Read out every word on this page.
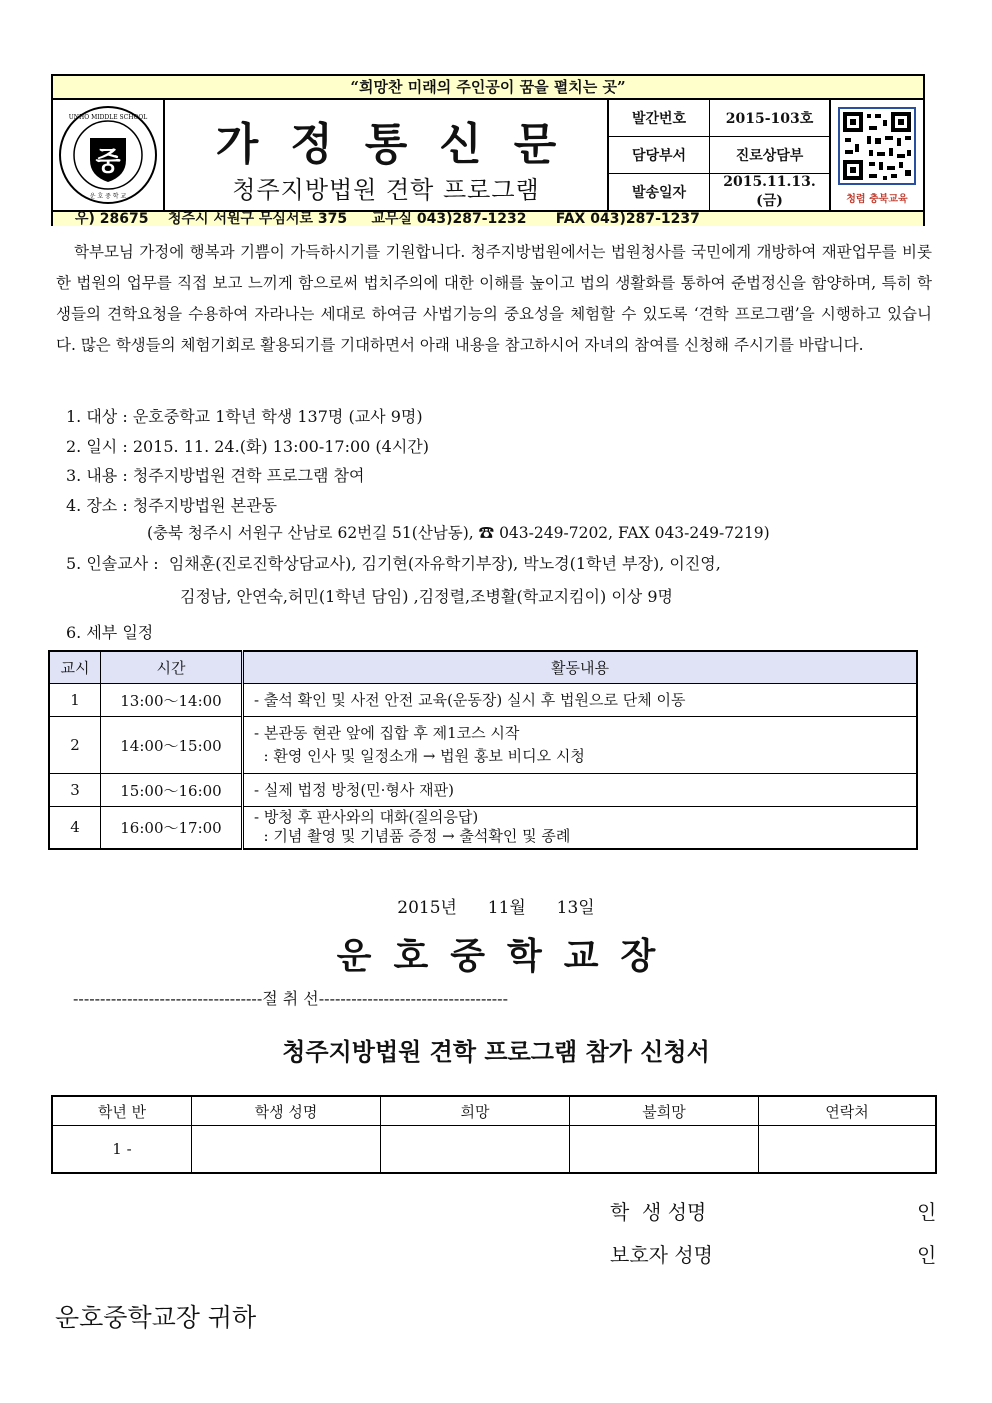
“희망찬 미래의 주인공이 꿈을 펼치는 곳”
중
UNHO MIDDLE SCHOOL
운 호 중 학 교
가정통신문
청주지방법원 견학 프로그램
발간번호	2015-103호
담당부서	진로상담부
발송일자	2015.11.13.(금)	청렴 충북교육
우) 28675    청주시 서원구 무심서로 375     교무실 043)287-1232      FAX 043)287-1237

학부모님 가정에 행복과 기쁨이 가득하시기를 기원합니다. 청주지방법원에서는 법원청사를 국민에게 개방하여 재판업무를 비롯한 법원의 업무를 직접 보고 느끼게 함으로써 법치주의에 대한 이해를 높이고 법의 생활화를 통하여 준법정신을 함양하며, 특히 학생들의 견학요청을 수용하여 자라나는 세대로 하여금 사법기능의 중요성을 체험할 수 있도록 ‘견학 프로그램’을 시행하고 있습니다. 많은 학생들의 체험기회로 활용되기를 기대하면서 아래 내용을 참고하시어 자녀의 참여를 신청해 주시기를 바랍니다.

1. 대상 : 운호중학교 1학년 학생 137명 (교사 9명)
2. 일시 : 2015. 11. 24.(화) 13:00-17:00 (4시간)
3. 내용 : 청주지방법원 견학 프로그램 참여
4. 장소 : 청주지방법원 본관동
(충북 청주시 서원구 산남로 62번길 51(산남동), ☎ 043-249-7202, FAX 043-249-7219)
5. 인솔교사 :  임채훈(진로진학상담교사), 김기현(자유학기부장), 박노경(1학년 부장), 이진영,
김정남, 안연숙,허민(1학년 담임) ,김정렬,조병활(학교지킴이) 이상 9명
6. 세부 일정
교시	시간	활동내용
1	13:00～14:00	- 출석 확인 및 사전 안전 교육(운동장) 실시 후 법원으로 단체 이동

2	14:00～15:00	- 본관동 현관 앞에 집합 후 제1코스 시작
: 환영 인사 및 일정소개 → 법원 홍보 비디오 시청

3	15:00～16:00	- 실제 법정 방청(민·형사 재판)

4	16:00～17:00	- 방청 후 판사와의 대화(질의응답)
: 기념 촬영 및 기념품 증정 → 출석확인 및 종례
2015년  11월  13일
운호중학교장
-----------------------------------절 취 선-----------------------------------
청주지방법원 견학 프로그램 참가 신청서
학년 반	학생 성명	희망	불희망	연락처
1 -				
학  생 성명	인
보호자 성명	인
운호중학교장 귀하
